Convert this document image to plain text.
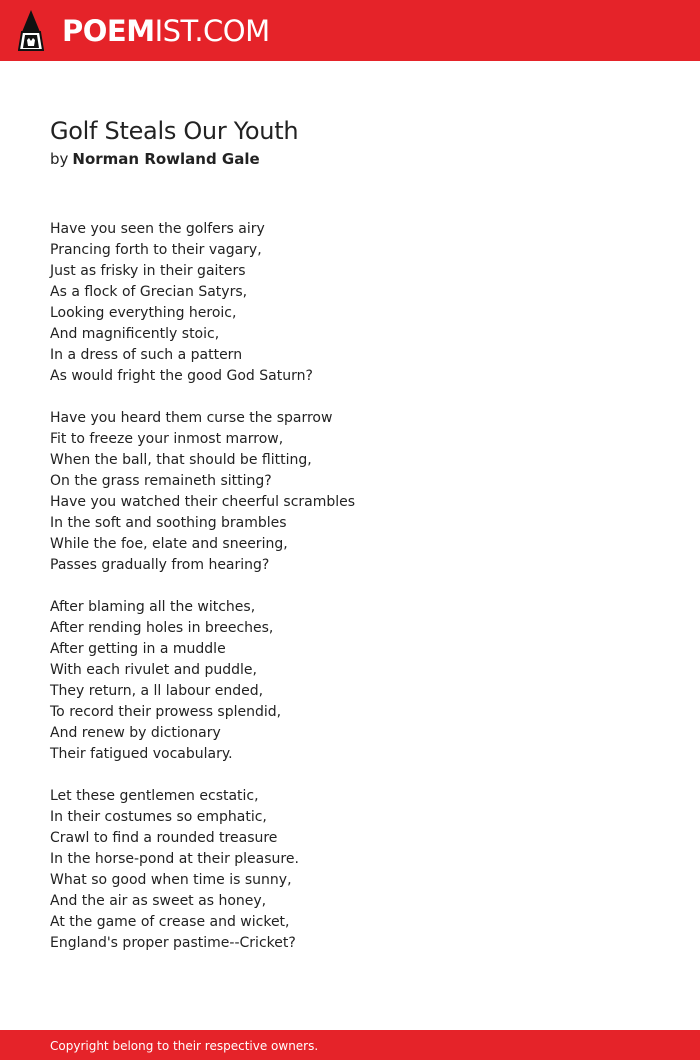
POEMIST.COM
Golf Steals Our Youth
by Norman Rowland Gale
Have you seen the golfers airy
Prancing forth to their vagary,
Just as frisky in their gaiters
As a flock of Grecian Satyrs,
Looking everything heroic,
And magnificently stoic,
In a dress of such a pattern
As would fright the good God Saturn?
Have you heard them curse the sparrow
Fit to freeze your inmost marrow,
When the ball, that should be flitting,
On the grass remaineth sitting?
Have you watched their cheerful scrambles
In the soft and soothing brambles
While the foe, elate and sneering,
Passes gradually from hearing?
After blaming all the witches,
After rending holes in breeches,
After getting in a muddle
With each rivulet and puddle,
They return, a ll labour ended,
To record their prowess splendid,
And renew by dictionary
Their fatigued vocabulary.
Let these gentlemen ecstatic,
In their costumes so emphatic,
Crawl to find a rounded treasure
In the horse-pond at their pleasure.
What so good when time is sunny,
And the air as sweet as honey,
At the game of crease and wicket,
England's proper pastime--Cricket?
Copyright belong to their respective owners.
